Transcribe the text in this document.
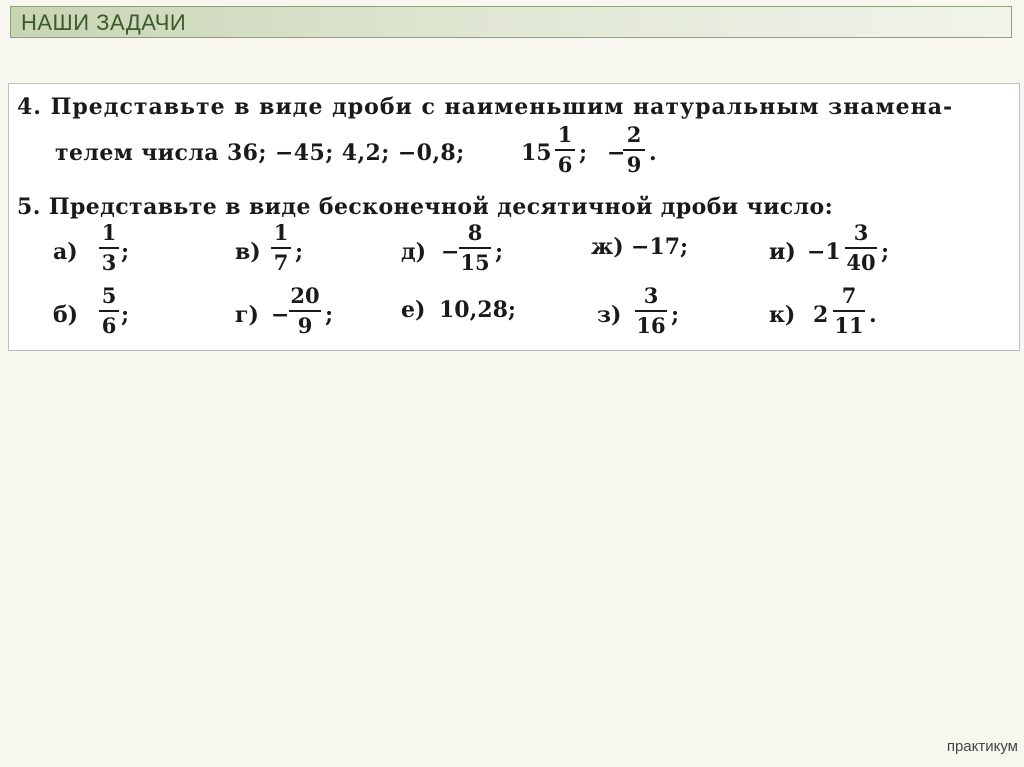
НАШИ ЗАДАЧИ
4. Представьте в виде дроби с наименьшим натуральным знамена-
телем числа 36; −45; 4,2; −0,8;	15
1
6 ; −
2
9 .
5. Представьте в виде бесконечной десятичной дроби число:
а)
1
3 ;	в)
1
7 ;	д) −
8
15 ;	ж) −17;	и) −1
3
40 ;
б)
5
6 ;	г) −
20
9 ;	е) 10,28;	з)
3
16 ;	к) 2
7
11 .
практикум
